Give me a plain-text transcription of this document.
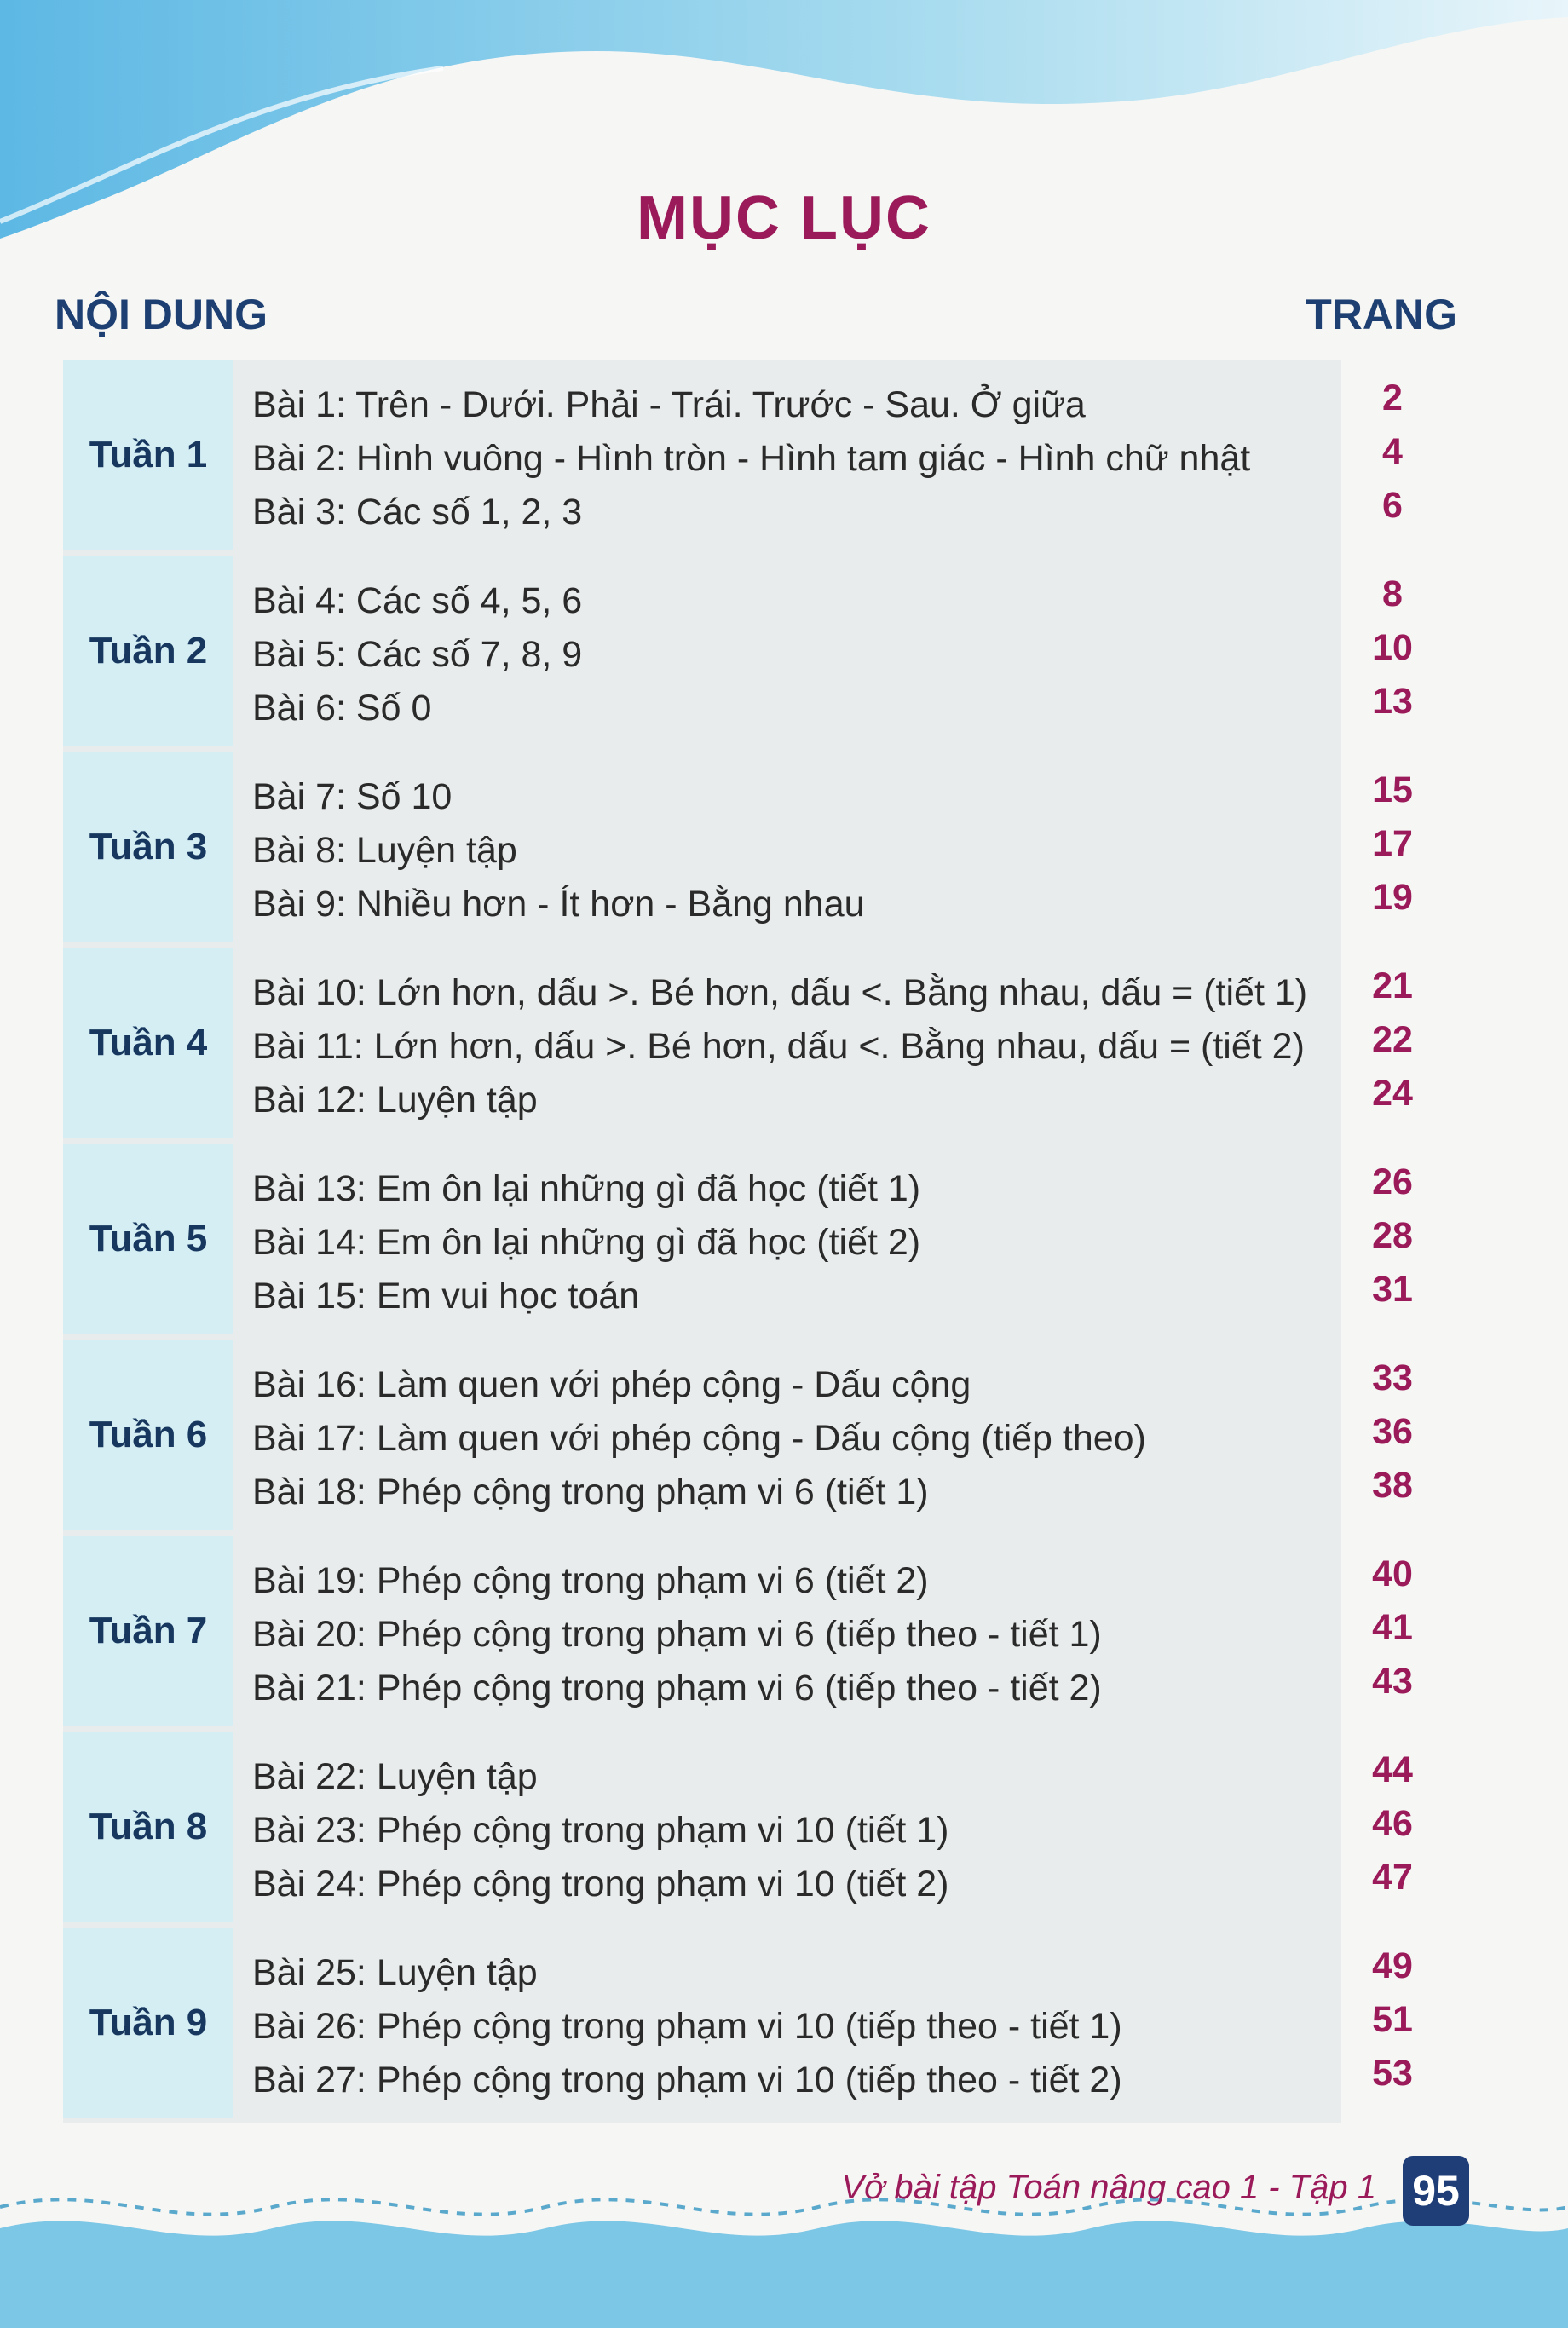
MỤC LỤC
NỘI DUNG	TRANG
Tuần 1
Bài 1: Trên - Dưới. Phải - Trái. Trước - Sau. Ở giữa
Bài 2: Hình vuông - Hình tròn - Hình tam giác - Hình chữ nhật
Bài 3: Các số 1, 2, 3
2
4
6
Tuần 2
Bài 4: Các số 4, 5, 6
Bài 5: Các số 7, 8, 9
Bài 6: Số 0
8
10
13
Tuần 3
Bài 7: Số 10
Bài 8: Luyện tập
Bài 9: Nhiều hơn - Ít hơn - Bằng nhau
15
17
19
Tuần 4
Bài 10: Lớn hơn, dấu >. Bé hơn, dấu <. Bằng nhau, dấu = (tiết 1)
Bài 11: Lớn hơn, dấu >. Bé hơn, dấu <. Bằng nhau, dấu = (tiết 2)
Bài 12: Luyện tập
21
22
24
Tuần 5
Bài 13: Em ôn lại những gì đã học (tiết 1)
Bài 14: Em ôn lại những gì đã học (tiết 2)
Bài 15: Em vui học toán
26
28
31
Tuần 6
Bài 16: Làm quen với phép cộng - Dấu cộng
Bài 17: Làm quen với phép cộng - Dấu cộng (tiếp theo)
Bài 18: Phép cộng trong phạm vi 6 (tiết 1)
33
36
38
Tuần 7
Bài 19: Phép cộng trong phạm vi 6 (tiết 2)
Bài 20: Phép cộng trong phạm vi 6 (tiếp theo - tiết 1)
Bài 21: Phép cộng trong phạm vi 6 (tiếp theo - tiết 2)
40
41
43
Tuần 8
Bài 22: Luyện tập
Bài 23: Phép cộng trong phạm vi 10 (tiết 1)
Bài 24: Phép cộng trong phạm vi 10 (tiết 2)
44
46
47
Tuần 9
Bài 25: Luyện tập
Bài 26: Phép cộng trong phạm vi 10 (tiếp theo - tiết 1)
Bài 27: Phép cộng trong phạm vi 10 (tiếp theo - tiết 2)
49
51
53
Vở bài tập Toán nâng cao 1 - Tập 1 95
